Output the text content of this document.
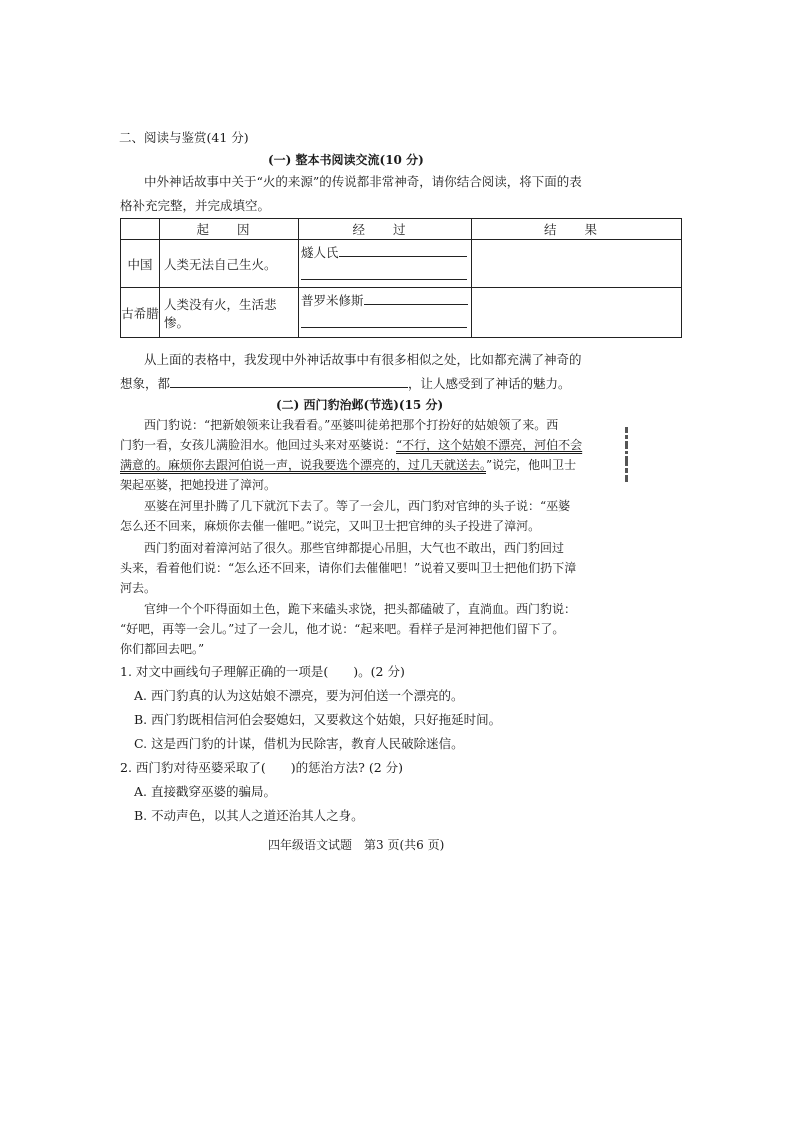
二、阅读与鉴赏(41 分)
(一) 整本书阅读交流(10 分)
中外神话故事中关于“火的来源”的传说都非常神奇，请你结合阅读，将下面的表
格补充完整，并完成填空。
	起 因	经 过	结 果
中国	人类无法自己生火。	燧人氏

古希腊	人类没有火，生活悲惨。	普罗米修斯

从上面的表格中，我发现中外神话故事中有很多相似之处，比如都充满了神奇的
想象，都	，让人感受到了神话的魅力。
(二) 西门豹治邺(节选)(15 分)
西门豹说：“把新娘领来让我看看。”巫婆叫徒弟把那个打扮好的姑娘领了来。西
门豹一看，女孩儿满脸泪水。他回过头来对巫婆说：“不行，这个姑娘不漂亮，河伯不会
满意的。麻烦你去跟河伯说一声，说我要选个漂亮的，过几天就送去。”说完，他叫卫士
架起巫婆，把她投进了漳河。
巫婆在河里扑腾了几下就沉下去了。等了一会儿，西门豹对官绅的头子说：“巫婆
怎么还不回来，麻烦你去催一催吧。”说完，又叫卫士把官绅的头子投进了漳河。
西门豹面对着漳河站了很久。那些官绅都提心吊胆，大气也不敢出，西门豹回过
头来，看着他们说：“怎么还不回来，请你们去催催吧！”说着又要叫卫士把他们扔下漳
河去。
官绅一个个吓得面如土色，跪下来磕头求饶，把头都磕破了，直淌血。西门豹说：
“好吧，再等一会儿。”过了一会儿，他才说：“起来吧。看样子是河神把他们留下了。
你们都回去吧。”
1. 对文中画线句子理解正确的一项是(　　)。(2 分)
A. 西门豹真的认为这姑娘不漂亮，要为河伯送一个漂亮的。
B. 西门豹既相信河伯会娶媳妇，又要救这个姑娘，只好拖延时间。
C. 这是西门豹的计谋，借机为民除害，教育人民破除迷信。
2. 西门豹对待巫婆采取了(　　)的惩治方法? (2 分)
A. 直接戳穿巫婆的骗局。
B. 不动声色，以其人之道还治其人之身。
四年级语文试题　第3 页(共6 页)
